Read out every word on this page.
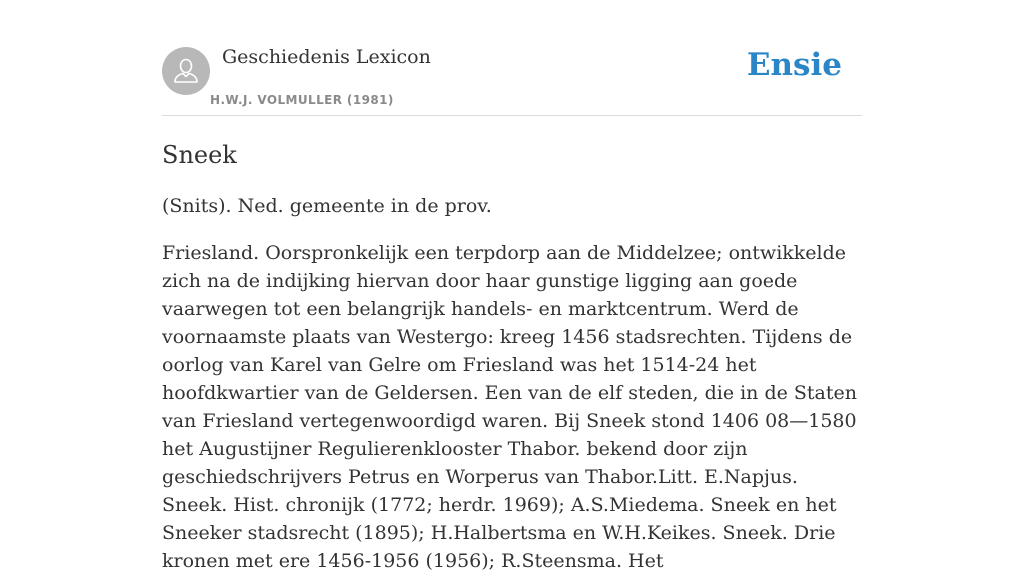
Geschiedenis Lexicon
H.W.J. VOLMULLER (1981)
Ensie
Sneek

(Snits). Ned. gemeente in de prov.

Friesland. Oorspronkelijk een terpdorp aan de Middelzee; ontwikkelde zich na de indijking hiervan door haar gunstige ligging aan goede vaarwegen tot een belangrijk handels- en marktcentrum. Werd de voornaamste plaats van Westergo: kreeg 1456 stadsrechten. Tijdens de oorlog van Karel van Gelre om Friesland was het 1514-24 het hoofdkwartier van de Geldersen. Een van de elf steden, die in de Staten van Friesland vertegenwoordigd waren. Bij Sneek stond 1406 08—1580 het Augustijner Regulierenklooster Thabor. bekend door zijn geschiedschrijvers Petrus en Worperus van Thabor.Litt. E.Napjus. Sneek. Hist. chronijk (1772; herdr. 1969); A.S.Miedema. Sneek en het Sneeker stadsrecht (1895); H.Halbertsma en W.H.Keikes. Sneek. Drie kronen met ere 1456-1956 (1956); R.Steensma. Het
